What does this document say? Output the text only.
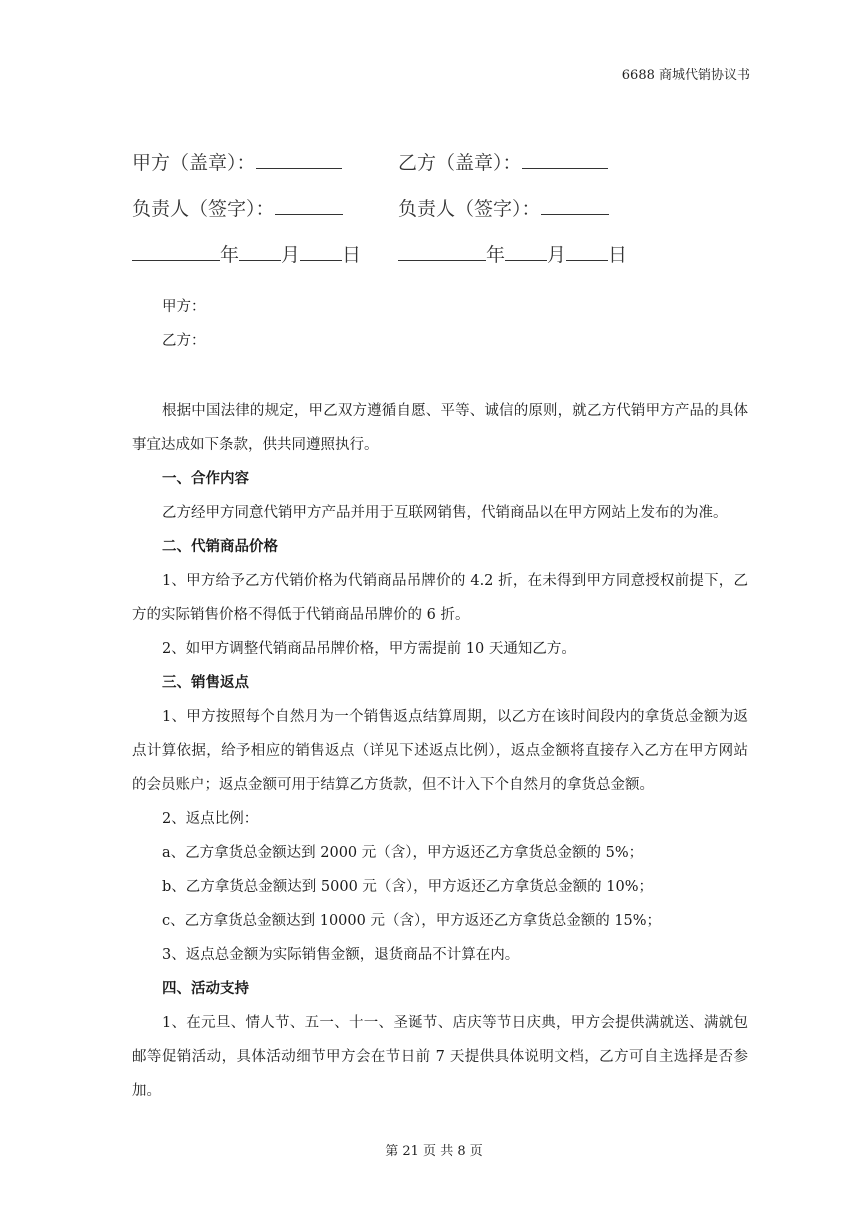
6688 商城代销协议书
甲方（盖章）：	乙方（盖章）：
负责人（签字）：	负责人（签字）：
年 月 日	年 月 日

甲方：

乙方：

根据中国法律的规定，甲乙双方遵循自愿、平等、诚信的原则，就乙方代销甲方产品的具体事宜达成如下条款，供共同遵照执行。

一、合作内容

乙方经甲方同意代销甲方产品并用于互联网销售，代销商品以在甲方网站上发布的为准。

二、代销商品价格

1、甲方给予乙方代销价格为代销商品吊牌价的 4.2 折，在未得到甲方同意授权前提下，乙方的实际销售价格不得低于代销商品吊牌价的 6 折。

2、如甲方调整代销商品吊牌价格，甲方需提前 10 天通知乙方。

三、销售返点

1、甲方按照每个自然月为一个销售返点结算周期，以乙方在该时间段内的拿货总金额为返点计算依据，给予相应的销售返点（详见下述返点比例），返点金额将直接存入乙方在甲方网站的会员账户；返点金额可用于结算乙方货款，但不计入下个自然月的拿货总金额。

2、返点比例：

a、乙方拿货总金额达到 2000 元（含），甲方返还乙方拿货总金额的 5%；

b、乙方拿货总金额达到 5000 元（含），甲方返还乙方拿货总金额的 10%；

c、乙方拿货总金额达到 10000 元（含），甲方返还乙方拿货总金额的 15%；

3、返点总金额为实际销售金额，退货商品不计算在内。

四、活动支持

1、在元旦、情人节、五一、十一、圣诞节、店庆等节日庆典，甲方会提供满就送、满就包邮等促销活动，具体活动细节甲方会在节日前 7 天提供具体说明文档，乙方可自主选择是否参加。

第 21 页 共 8 页
